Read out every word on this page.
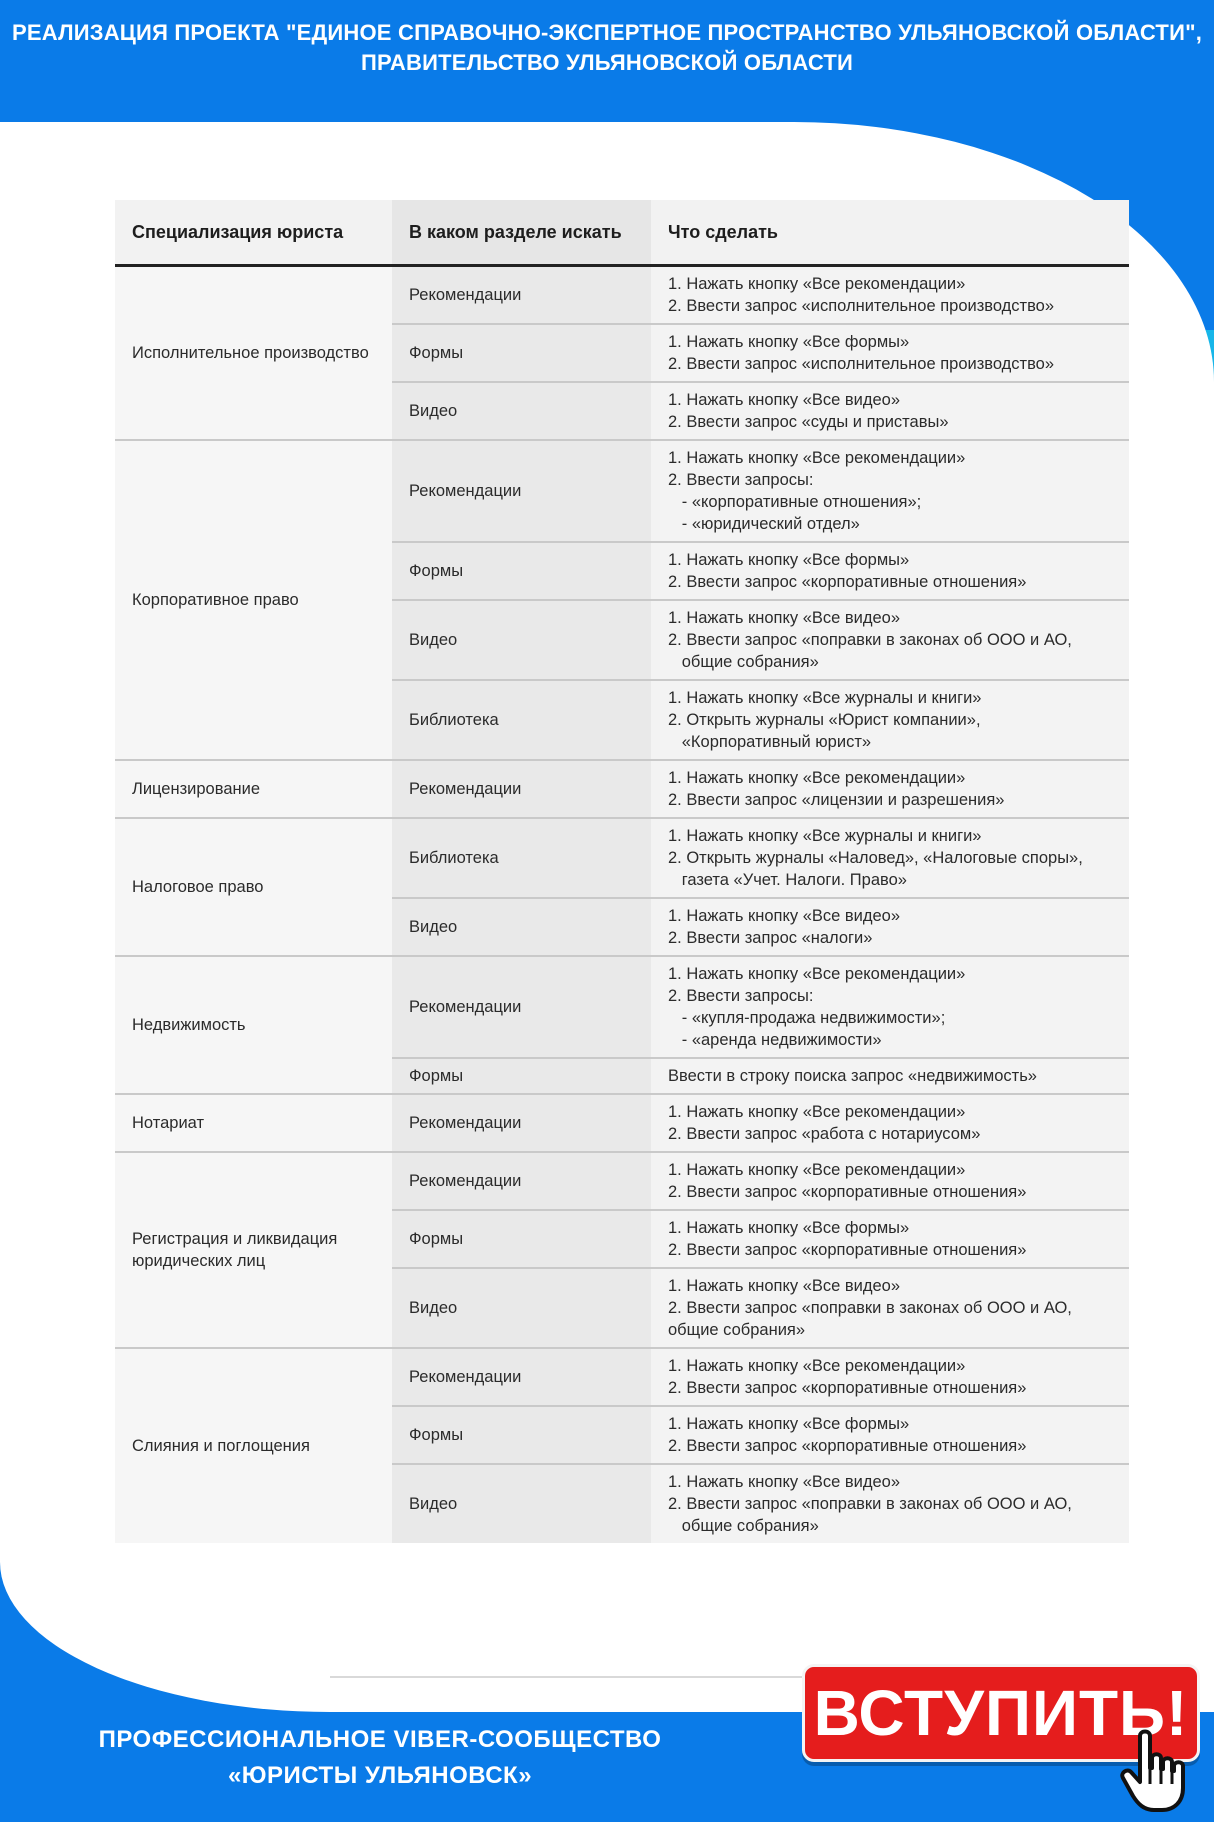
РЕАЛИЗАЦИЯ ПРОЕКТА "ЕДИНОЕ СПРАВОЧНО-ЭКСПЕРТНОЕ ПРОСТРАНСТВО УЛЬЯНОВСКОЙ ОБЛАСТИ",
ПРАВИТЕЛЬСТВО УЛЬЯНОВСКОЙ ОБЛАСТИ
Специализация юриста	В каком разделе искать	Что сделать
Исполнительное производство	Рекомендации	1. Нажать кнопку «Все рекомендации»
2. Ввести запрос «исполнительное производство»

	Формы	1. Нажать кнопку «Все формы»
2. Ввести запрос «исполнительное производство»

	Видео	1. Нажать кнопку «Все видео»
2. Ввести запрос «суды и приставы»

Корпоративное право	Рекомендации	1. Нажать кнопку «Все рекомендации»
2. Ввести запросы:
- «корпоративные отношения»;
- «юридический отдел»

	Формы	1. Нажать кнопку «Все формы»
2. Ввести запрос «корпоративные отношения»

	Видео	1. Нажать кнопку «Все видео»
2. Ввести запрос «поправки в законах об ООО и АО,
общие собрания»

	Библиотека	1. Нажать кнопку «Все журналы и книги»
2. Открыть журналы «Юрист компании»,
«Корпоративный юрист»

Лицензирование	Рекомендации	1. Нажать кнопку «Все рекомендации»
2. Ввести запрос «лицензии и разрешения»

Налоговое право	Библиотека	1. Нажать кнопку «Все журналы и книги»
2. Открыть журналы «Наловед», «Налоговые споры»,
газета «Учет. Налоги. Право»

	Видео	1. Нажать кнопку «Все видео»
2. Ввести запрос «налоги»

Недвижимость	Рекомендации	1. Нажать кнопку «Все рекомендации»
2. Ввести запросы:
- «купля-продажа недвижимости»;
- «аренда недвижимости»

	Формы	Ввести в строку поиска запрос «недвижимость»

Нотариат	Рекомендации	1. Нажать кнопку «Все рекомендации»
2. Ввести запрос «работа с нотариусом»

Регистрация и ликвидация юридических лиц	Рекомендации	1. Нажать кнопку «Все рекомендации»
2. Ввести запрос «корпоративные отношения»

	Формы	1. Нажать кнопку «Все формы»
2. Ввести запрос «корпоративные отношения»

	Видео	1. Нажать кнопку «Все видео»
2. Ввести запрос «поправки в законах об ООО и АО,
общие собрания»

Слияния и поглощения	Рекомендации	1. Нажать кнопку «Все рекомендации»
2. Ввести запрос «корпоративные отношения»

	Формы	1. Нажать кнопку «Все формы»
2. Ввести запрос «корпоративные отношения»

	Видео	1. Нажать кнопку «Все видео»
2. Ввести запрос «поправки в законах об ООО и АО,
общие собрания»
ПРОФЕССИОНАЛЬНОЕ VIBER-СООБЩЕСТВО
«ЮРИСТЫ УЛЬЯНОВСК»
ВСТУПИТЬ!
